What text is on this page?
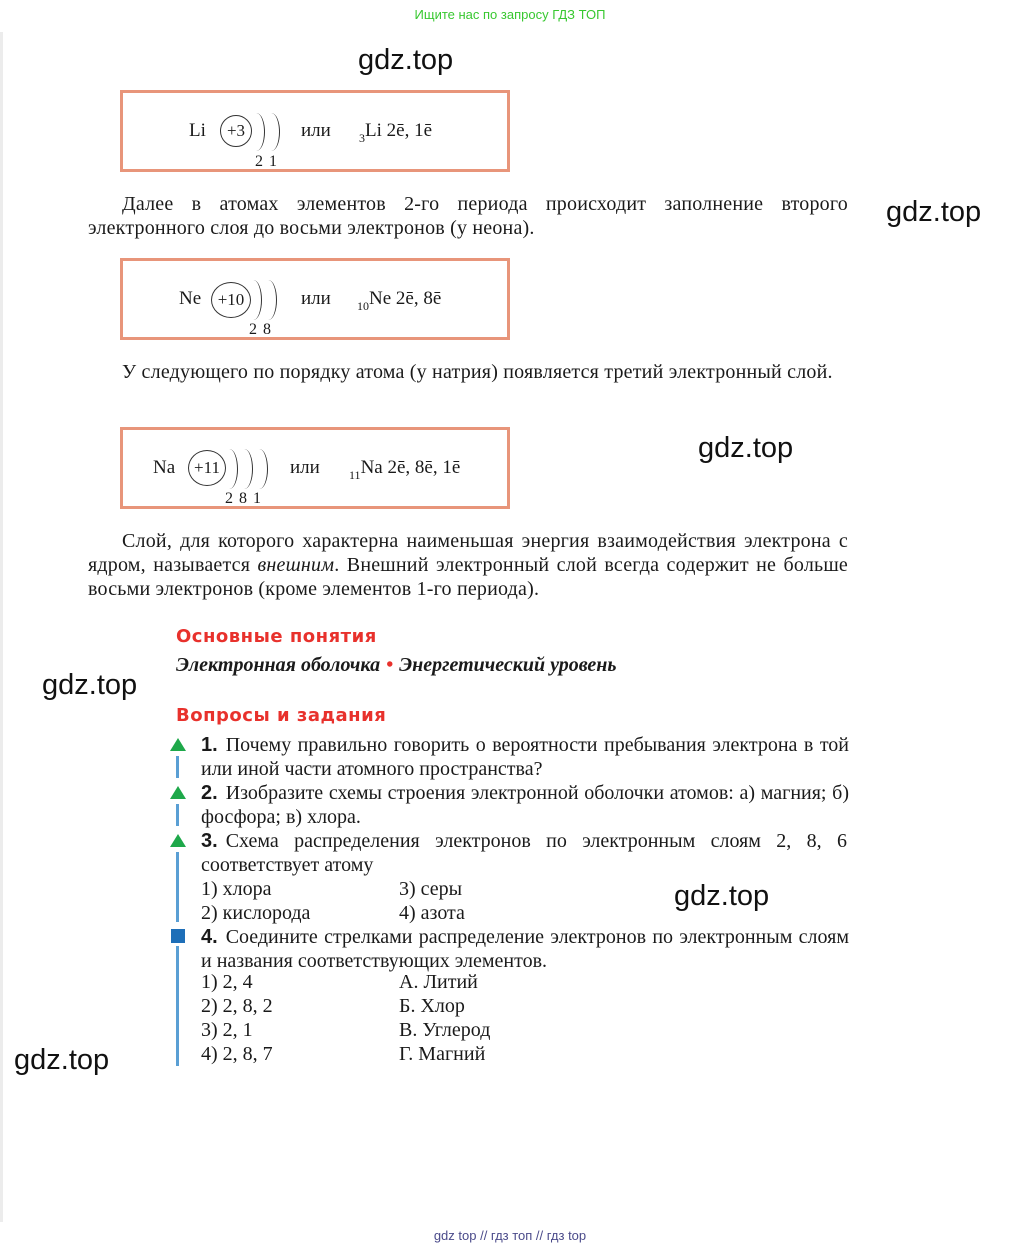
Ищите нас по запросу ГДЗ ТОП
gdz.top
gdz.top
gdz.top
gdz.top
gdz.top
gdz.top
Li	+3
2 1
или $_3$Li 2ē, 1ē
Далее в атомах элементов 2-го периода происходит заполнение второго электронного слоя до восьми электронов (у неона).
Ne +10
2 8
или $_{10}$Ne 2ē, 8ē
У следующего по порядку атома (у натрия) появляется третий электронный слой.
Na	+11
2 8 1
или $_{11}$Na 2ē, 8ē, 1ē
Слой, для которого характерна наименьшая энергия взаимодействия электрона с ядром, называется внешним. Внешний электронный слой всегда содержит не больше восьми электронов (кроме элементов 1-го периода).
Основные понятия
Электронная оболочка • Энергетический уровень
Вопросы и задания
1. Почему правильно говорить о вероятности пребывания электрона в той или иной части атомного пространства?
2. Изобразите схемы строения электронной оболочки атомов: а) магния; б) фосфора; в) хлора.
3. Схема распределения электронов по электронным слоям 2, 8, 6 соответствует атому
1) хлора	3) серы
2) кислорода	4) азота
4. Соедините стрелками распределение электронов по электронным слоям и названия соответствующих элементов.
1) 2, 4	А. Литий
2) 2, 8, 2	Б. Хлор
3) 2, 1	В. Углерод
4) 2, 8, 7	Г. Магний
gdz top // гдз топ // гдз top
